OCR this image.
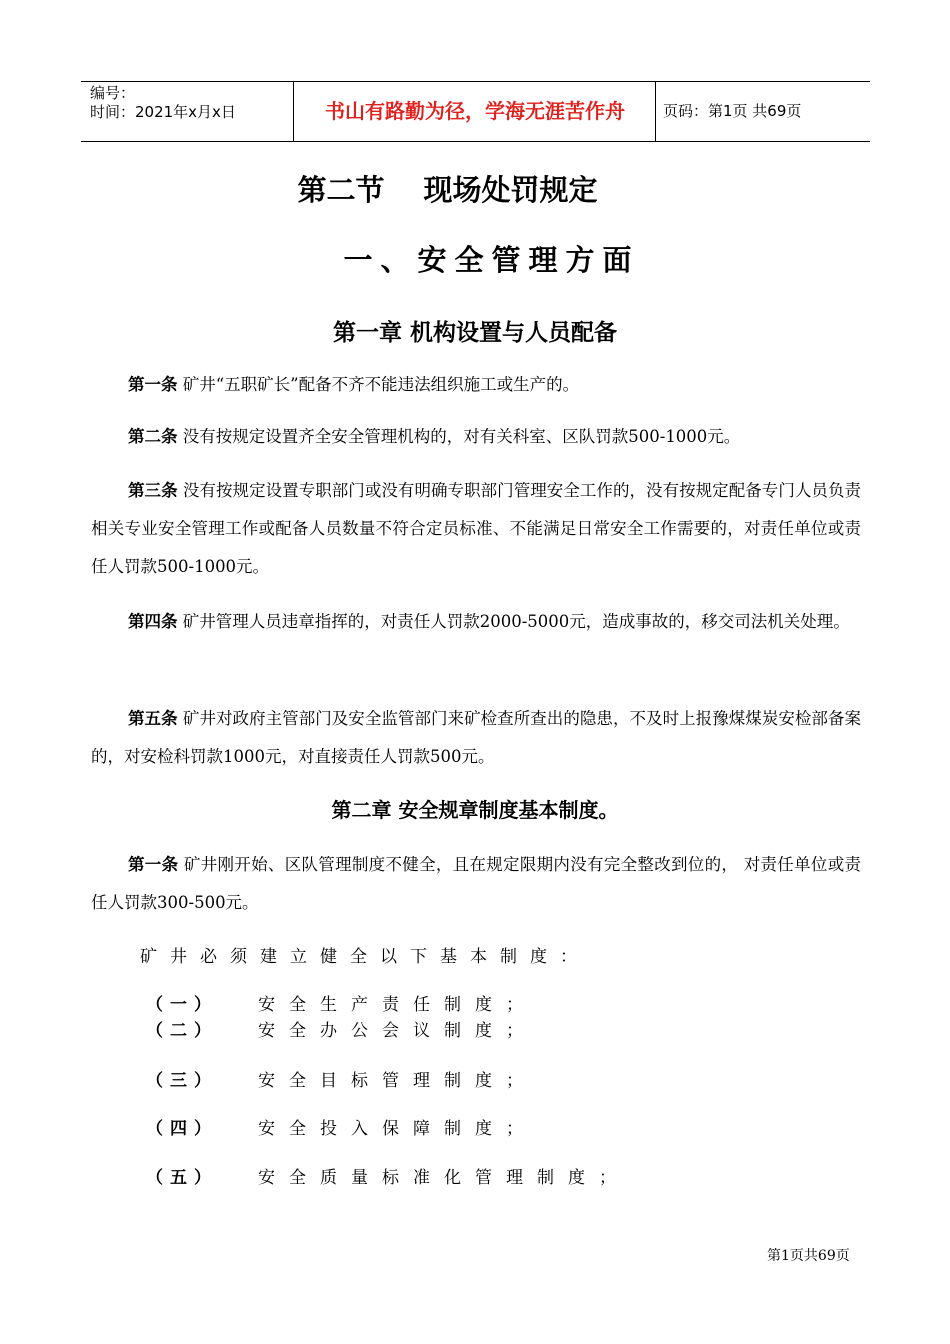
编号：
时间：2021年x月x日	书山有路勤为径，学海无涯苦作舟	页码：第1页 共69页
第二节　 现场处罚规定
一、安全管理方面
第一章 机构设置与人员配备
第一条 矿井“五职矿长”配备不齐不能违法组织施工或生产的。
第二条 没有按规定设置齐全安全管理机构的，对有关科室、区队罚款500-1000元。
第三条 没有按规定设置专职部门或没有明确专职部门管理安全工作的，没有按规定配备专门人员负责相关专业安全管理工作或配备人员数量不符合定员标准、不能满足日常安全工作需要的，对责任单位或责任人罚款500-1000元。
第四条 矿井管理人员违章指挥的，对责任人罚款2000-5000元，造成事故的，移交司法机关处理。
第五条 矿井对政府主管部门及安全监管部门来矿检查所查出的隐患，不及时上报豫煤煤炭安检部备案的，对安检科罚款1000元，对直接责任人罚款500元。
第二章 安全规章制度基本制度。
第一条 矿井刚开始、区队管理制度不健全，且在规定限期内没有完全整改到位的， 对责任单位或责任人罚款300-500元。
矿井必须建立健全以下基本制度：
（一） 安全生产责任制度；
（二） 安全办公会议制度；
（三） 安全目标管理制度；
（四） 安全投入保障制度；
（五） 安全质量标准化管理制度；
第1页共69页
